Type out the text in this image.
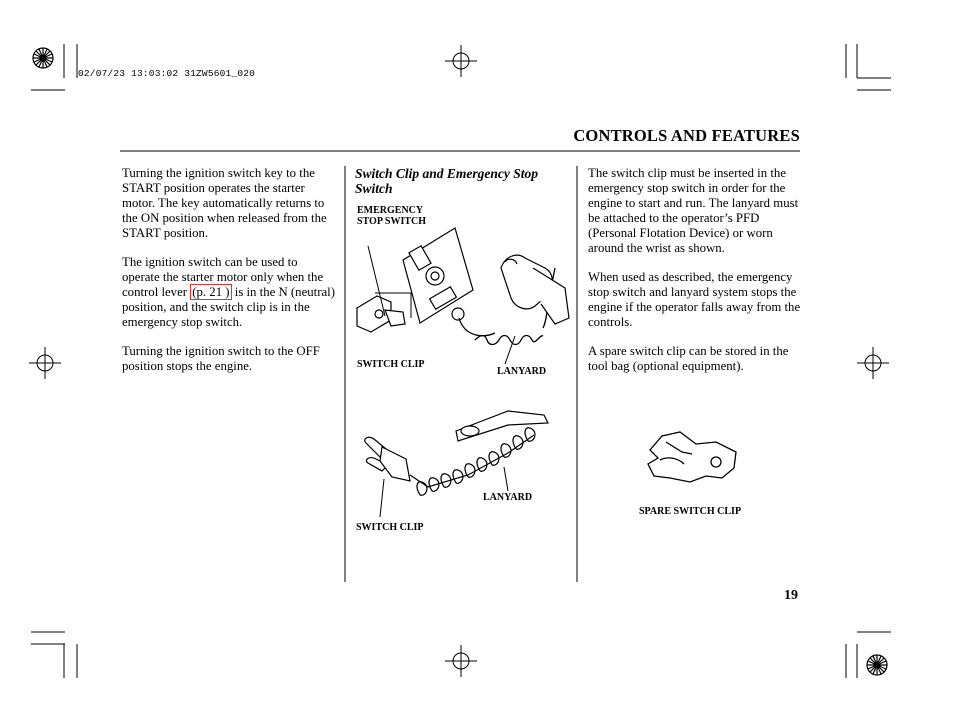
02/07/23 13:03:02 31ZW5601_020
CONTROLS AND FEATURES

Turning the ignition switch key to the START position operates the starter motor. The key automatically returns to the ON position when released from the START position.

The ignition switch can be used to operate the starter motor only when the control lever (p. 21 ) is in the N (neutral) position, and the switch clip is in the emergency stop switch.

Turning the ignition switch to the OFF position stops the engine.

Switch Clip and Emergency Stop Switch
EMERGENCY
STOP SWITCH
SWITCH CLIP
LANYARD
LANYARD
SWITCH CLIP

The switch clip must be inserted in the emergency stop switch in order for the engine to start and run. The lanyard must be attached to the operator’s PFD (Personal Flotation Device) or worn around the wrist as shown.

When used as described, the emergency stop switch and lanyard system stops the engine if the operator falls away from the controls.

A spare switch clip can be stored in the tool bag (optional equipment).

SPARE SWITCH CLIP
19
